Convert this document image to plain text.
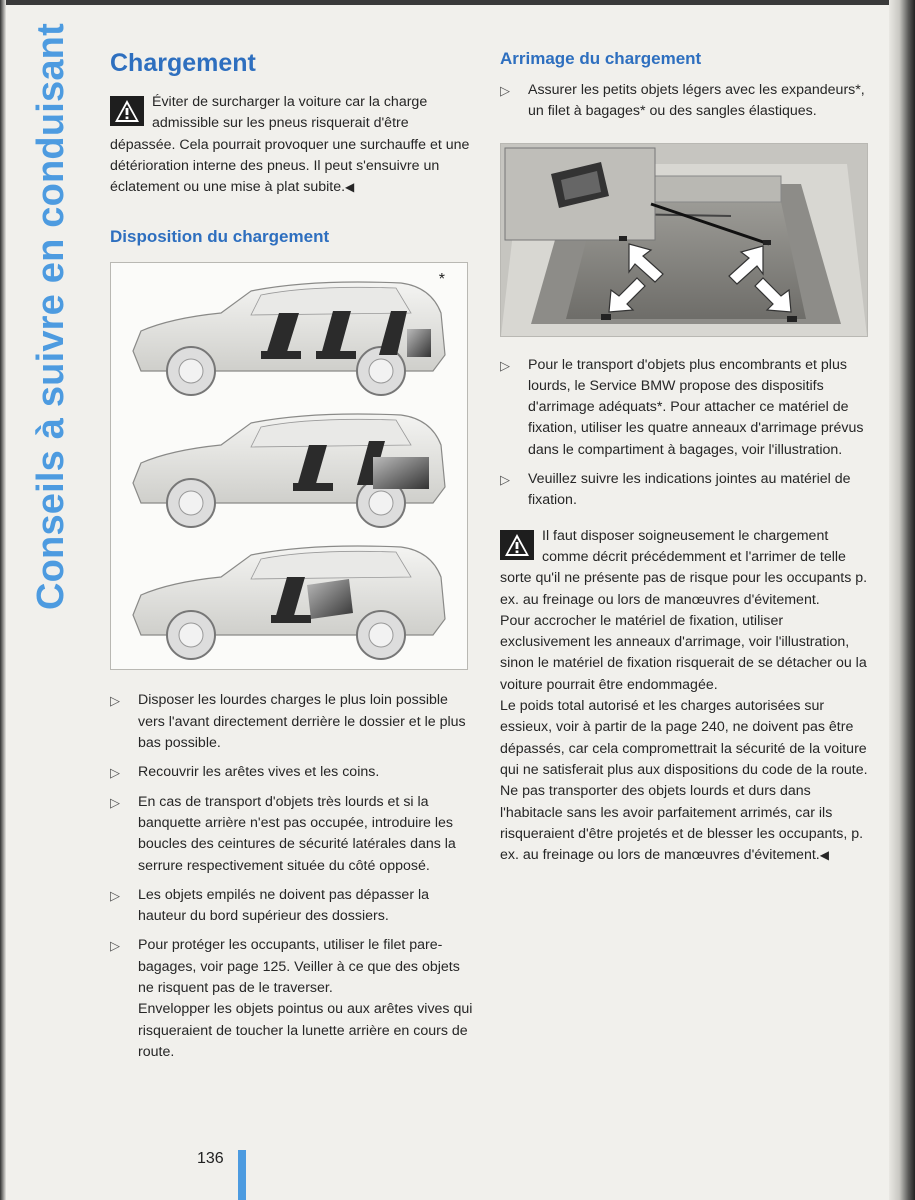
Conseils à suivre en conduisant Chargement

Éviter de surcharger la voiture car la charge admissible sur les pneus risquerait d'être dépassée. Cela pourrait provoquer une surchauffe et une détérioration interne des pneus. Il peut s'ensuivre un éclatement ou une mise à plat subite.◀

Disposition du chargement
*
▷ Disposer les lourdes charges le plus loin possible vers l'avant directement derrière le dossier et le plus bas possible.
▷ Recouvrir les arêtes vives et les coins.
▷ En cas de transport d'objets très lourds et si la banquette arrière n'est pas occupée, introduire les boucles des ceintures de sécurité latérales dans la serrure respectivement située du côté opposé.
▷ Les objets empilés ne doivent pas dépasser la hauteur du bord supérieur des dossiers.
▷ Pour protéger les occupants, utiliser le filet pare-bagages, voir page 125. Veiller à ce que des objets ne risquent pas de le traverser.
Envelopper les objets pointus ou aux arêtes vives qui risqueraient de toucher la lunette arrière en cours de route.
Arrimage du chargement
▷ Assurer les petits objets légers avec les expandeurs*, un filet à bagages* ou des sangles élastiques.
▷ Pour le transport d'objets plus encombrants et plus lourds, le Service BMW propose des dispositifs d'arrimage adéquats*. Pour attacher ce matériel de fixation, utiliser les quatre anneaux d'arrimage prévus dans le compartiment à bagages, voir l'illustration.
▷ Veuillez suivre les indications jointes au matériel de fixation.

Il faut disposer soigneusement le chargement comme décrit précédemment et l'arrimer de telle sorte qu'il ne présente pas de risque pour les occupants p. ex. au freinage ou lors de manœuvres d'évitement.

Pour accrocher le matériel de fixation, utiliser exclusivement les anneaux d'arrimage, voir l'illustration, sinon le matériel de fixation risquerait de se détacher ou la voiture pourrait être endommagée.

Le poids total autorisé et les charges autorisées sur essieux, voir à partir de la page 240, ne doivent pas être dépassés, car cela compromettrait la sécurité de la voiture qui ne satisferait plus aux dispositions du code de la route.

Ne pas transporter des objets lourds et durs dans l'habitacle sans les avoir parfaitement arrimés, car ils risqueraient d'être projetés et de blesser les occupants, p. ex. au freinage ou lors de manœuvres d'évitement.◀

136
